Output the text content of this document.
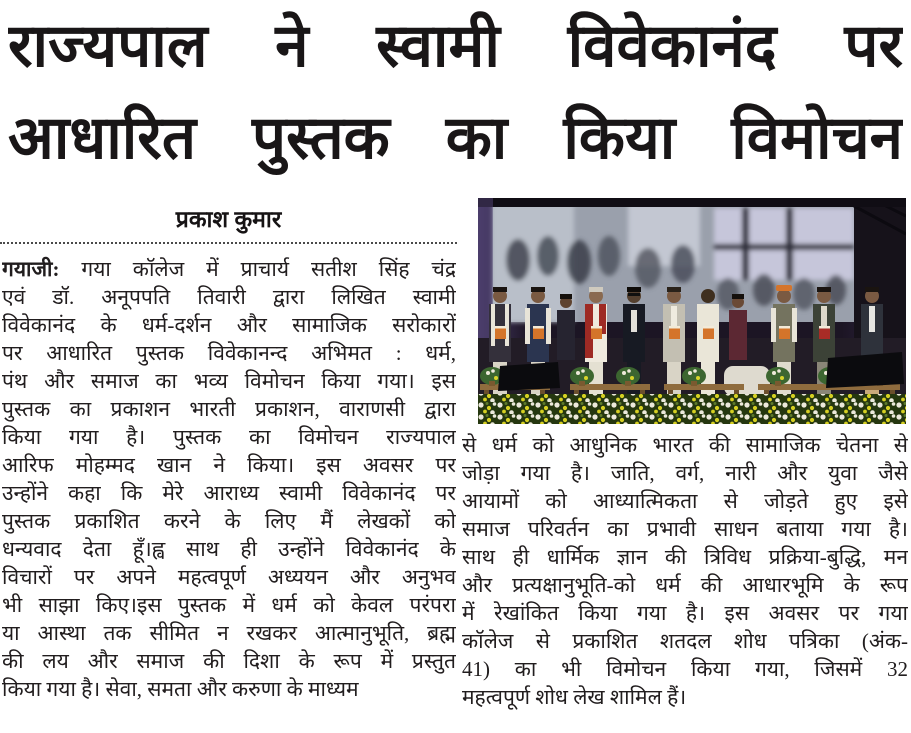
राज्यपाल ने स्वामी विवेकानंद पर
आधारित पुस्तक का किया विमोचन
प्रकाश कुमार

गयाजी: गया कॉलेज में प्राचार्य सतीश सिंह चंद्र

एवं डॉ. अनूपपति तिवारी द्वारा लिखित स्वामी

विवेकानंद के धर्म-दर्शन और सामाजिक सरोकारों

पर आधारित पुस्तक विवेकानन्द अभिमत : धर्म,

पंथ और समाज का भव्य विमोचन किया गया। इस

पुस्तक का प्रकाशन भारती प्रकाशन, वाराणसी द्वारा

किया गया है। पुस्तक का विमोचन राज्यपाल

आरिफ मोहम्मद खान ने किया। इस अवसर पर

उन्होंने कहा कि मेरे आराध्य स्वामी विवेकानंद पर

पुस्तक प्रकाशित करने के लिए मैं लेखकों को

धन्यवाद देता हूँ।ह्व साथ ही उन्होंने विवेकानंद के

विचारों पर अपने महत्वपूर्ण अध्ययन और अनुभव

भी साझा किए।इस पुस्तक में धर्म को केवल परंपरा

या आस्था तक सीमित न रखकर आत्मानुभूति, ब्रह्म

की लय और समाज की दिशा के रूप में प्रस्तुत

किया गया है। सेवा, समता और करुणा के माध्यम

से धर्म को आधुनिक भारत की सामाजिक चेतना से

जोड़ा गया है। जाति, वर्ग, नारी और युवा जैसे

आयामों को आध्यात्मिकता से जोड़ते हुए इसे

समाज परिवर्तन का प्रभावी साधन बताया गया है।

साथ ही धार्मिक ज्ञान की त्रिविध प्रक्रिया-बुद्धि, मन

और प्रत्यक्षानुभूति-को धर्म की आधारभूमि के रूप

में रेखांकित किया गया है। इस अवसर पर गया

कॉलेज से प्रकाशित शतदल शोध पत्रिका (अंक-

41) का भी विमोचन किया गया, जिसमें 32

महत्वपूर्ण शोध लेख शामिल हैं।
